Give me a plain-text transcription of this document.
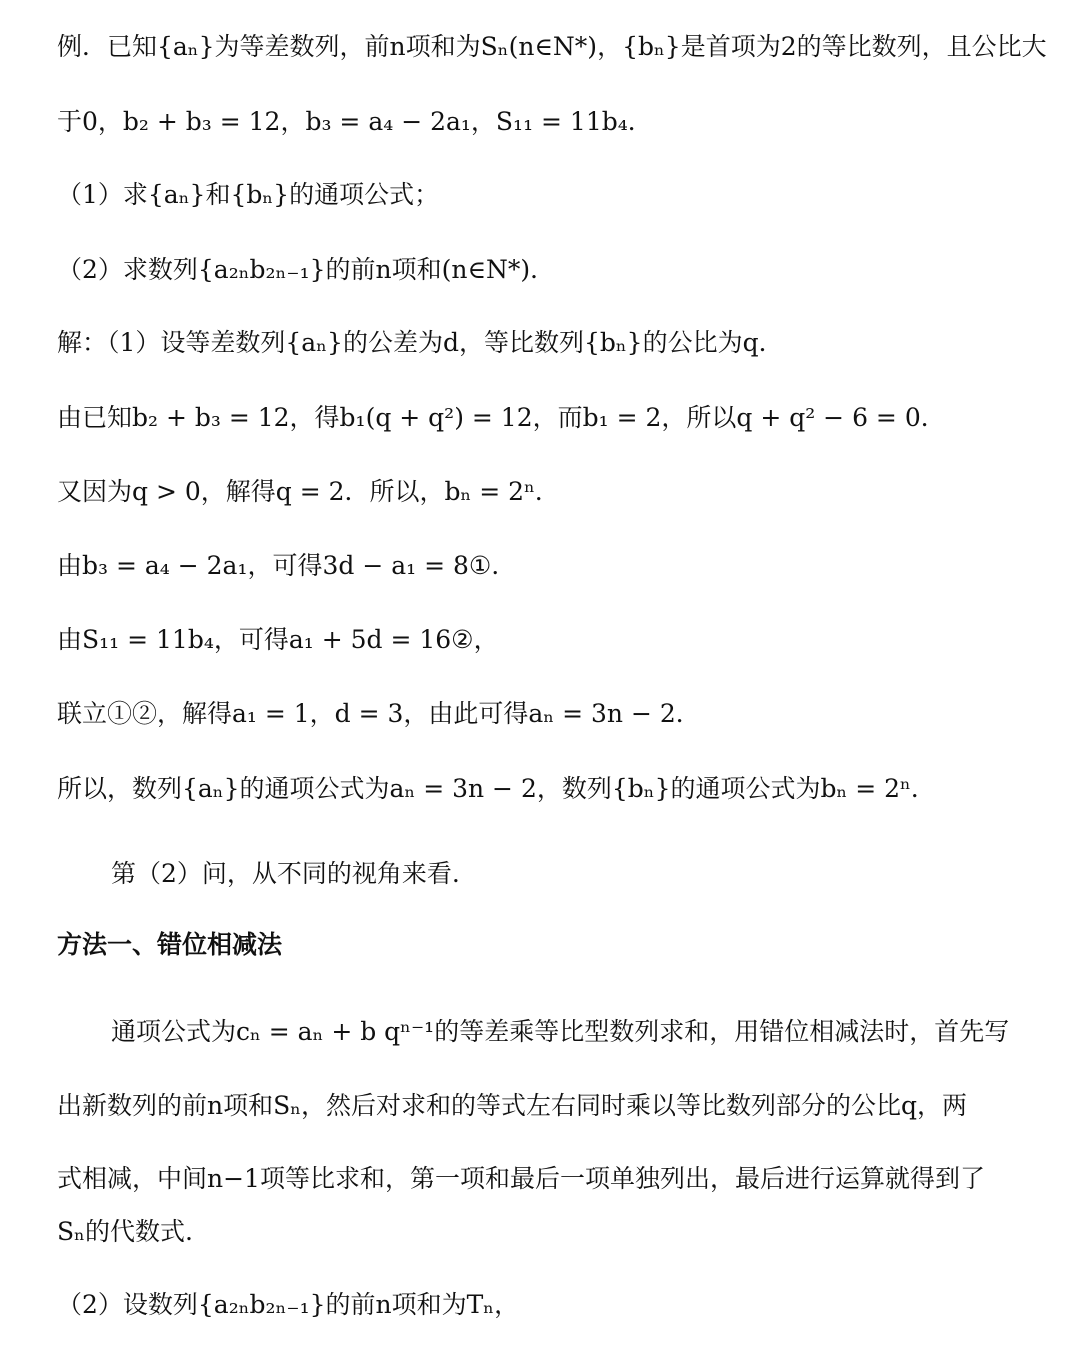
例．已知{aₙ}为等差数列，前n项和为Sₙ(n∈N*)，{bₙ}是首项为2的等比数列，且公比大
于0，b₂ + b₃ = 12，b₃ = a₄ − 2a₁，S₁₁ = 11b₄．
（1）求{aₙ}和{bₙ}的通项公式；
（2）求数列{a₂ₙb₂ₙ₋₁}的前n项和(n∈N*)．
解：（1）设等差数列{aₙ}的公差为d，等比数列{bₙ}的公比为q．
由已知b₂ + b₃ = 12，得b₁(q + q²) = 12，而b₁ = 2，所以q + q² − 6 = 0．
又因为q > 0，解得q = 2．所以，bₙ = 2ⁿ．
由b₃ = a₄ − 2a₁，可得3d − a₁ = 8①.
由S₁₁ = 11b₄，可得a₁ + 5d = 16②，
联立①②，解得a₁ = 1，d = 3，由此可得aₙ = 3n − 2．
所以，数列{aₙ}的通项公式为aₙ = 3n − 2，数列{bₙ}的通项公式为bₙ = 2ⁿ．
第（2）问，从不同的视角来看.
方法一、错位相减法
通项公式为cₙ = aₙ + b qⁿ⁻¹的等差乘等比型数列求和，用错位相减法时，首先写
出新数列的前n项和Sₙ，然后对求和的等式左右同时乘以等比数列部分的公比q，两
式相减，中间n−1项等比求和，第一项和最后一项单独列出，最后进行运算就得到了
Sₙ的代数式.
（2）设数列{a₂ₙb₂ₙ₋₁}的前n项和为Tₙ，
